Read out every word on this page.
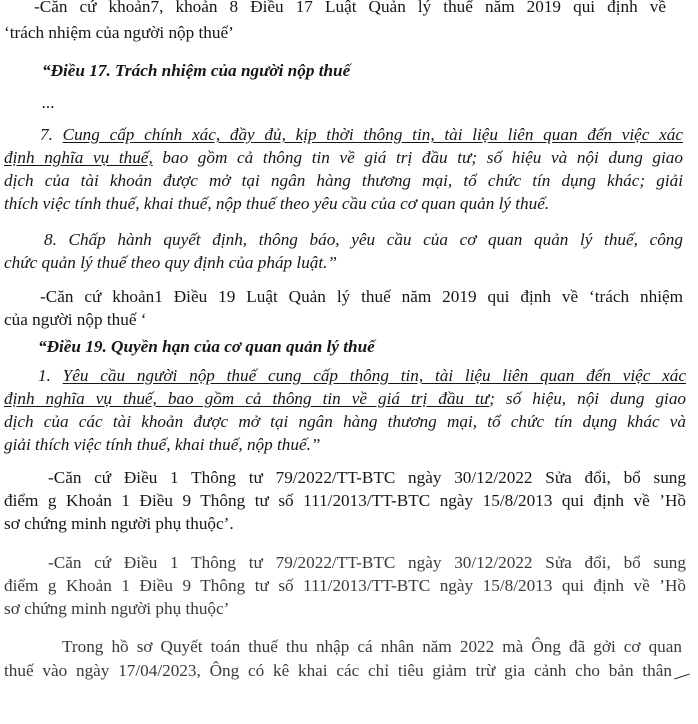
-Căn cứ khoản7, khoản 8 Điều 17 Luật Quản lý thuế năm 2019 qui định về
‘trách nhiệm của người nộp thuế’
“Điều 17. Trách nhiệm của người nộp thuế
...
7. Cung cấp chính xác, đầy đủ, kịp thời thông tin, tài liệu liên quan đến việc xác
định nghĩa vụ thuế, bao gồm cả thông tin về giá trị đầu tư; số hiệu và nội dung giao
dịch của tài khoản được mở tại ngân hàng thương mại, tổ chức tín dụng khác; giải
thích việc tính thuế, khai thuế, nộp thuế theo yêu cầu của cơ quan quản lý thuế.
8. Chấp hành quyết định, thông báo, yêu cầu của cơ quan quản lý thuế, công
chức quản lý thuế theo quy định của pháp luật.”
-Căn cứ khoản1 Điều 19 Luật Quản lý thuế năm 2019 qui định về ‘trách nhiệm
của người nộp thuế ‘
“Điều 19. Quyền hạn của cơ quan quản lý thuế
1. Yêu cầu người nộp thuế cung cấp thông tin, tài liệu liên quan đến việc xác
định nghĩa vụ thuế, bao gồm cả thông tin về giá trị đầu tư; số hiệu, nội dung giao
dịch của các tài khoản được mở tại ngân hàng thương mại, tổ chức tín dụng khác và
giải thích việc tính thuế, khai thuế, nộp thuế.”
-Căn cứ Điều 1 Thông tư 79/2022/TT-BTC ngày 30/12/2022 Sửa đổi, bổ sung
điểm g Khoản 1 Điều 9 Thông tư số 111/2013/TT-BTC ngày 15/8/2013 qui định về ’Hồ
sơ chứng minh người phụ thuộc’.
-Căn cứ Điều 1 Thông tư 79/2022/TT-BTC ngày 30/12/2022 Sửa đổi, bổ sung
điểm g Khoản 1 Điều 9 Thông tư số 111/2013/TT-BTC ngày 15/8/2013 qui định về ’Hồ
sơ chứng minh người phụ thuộc’
Trong hồ sơ Quyết toán thuế thu nhập cá nhân năm 2022 mà Ông đã gởi cơ quan
thuế vào ngày 17/04/2023, Ông có kê khai các chỉ tiêu giảm trừ gia cảnh cho bản thân
